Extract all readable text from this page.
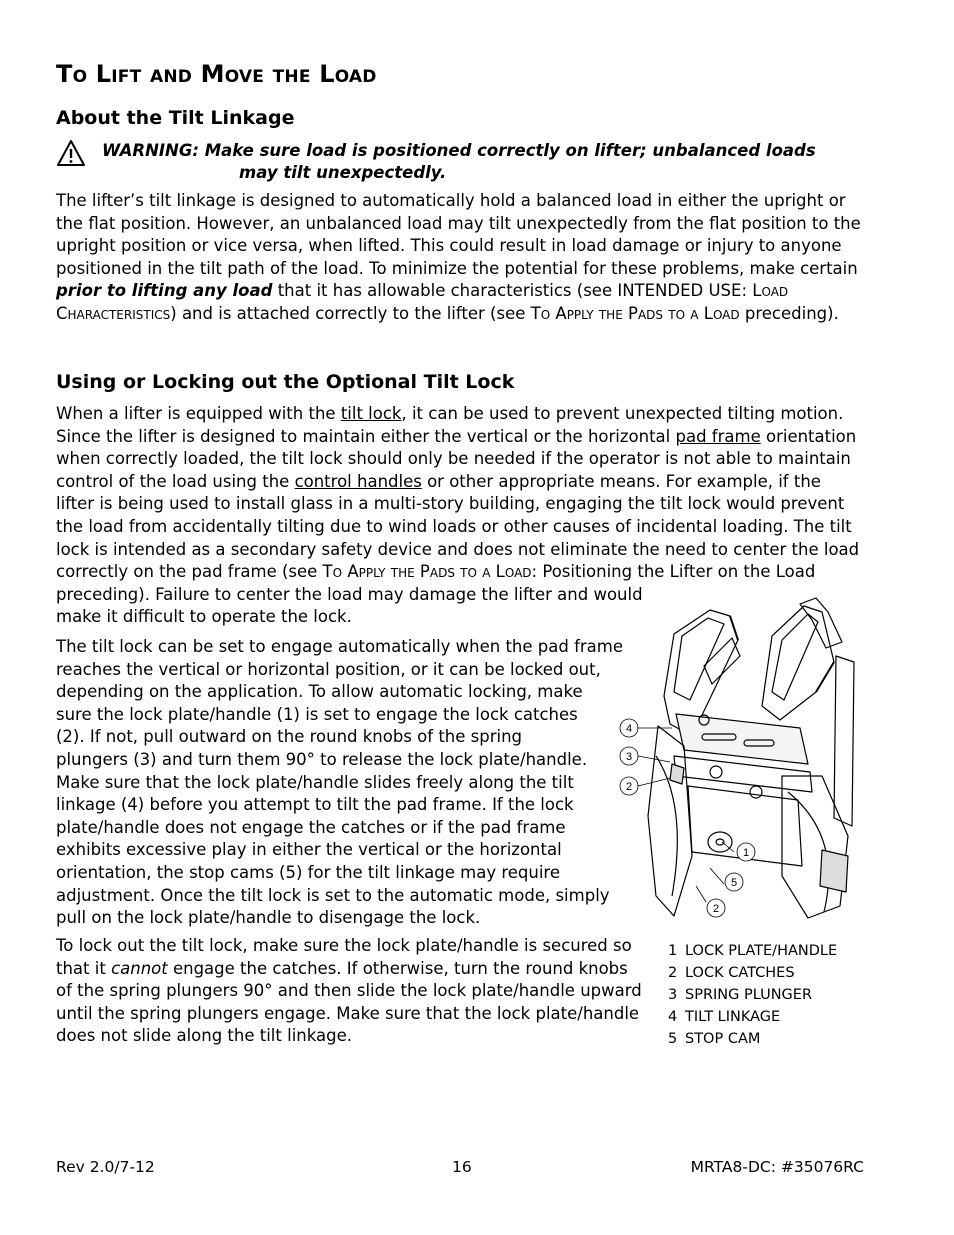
To Lift and Move the Load
About the Tilt Linkage
WARNING: Make sure load is positioned correctly on lifter; unbalanced loads
may tilt unexpectedly.

The lifter’s tilt linkage is designed to automatically hold a balanced load in either the upright or the flat position. However, an unbalanced load may tilt unexpectedly from the flat position to the upright position or vice versa, when lifted. This could result in load damage or injury to anyone positioned in the tilt path of the load. To minimize the potential for these problems, make certain prior to lifting any load that it has allowable characteristics (see INTENDED USE: Load Characteristics) and is attached correctly to the lifter (see To Apply the Pads to a Load preceding).

Using or Locking out the Optional Tilt Lock

When a lifter is equipped with the tilt lock, it can be used to prevent unexpected tilting motion. Since the lifter is designed to maintain either the vertical or the horizontal pad frame orientation when correctly loaded, the tilt lock should only be needed if the operator is not able to maintain control of the load using the control handles or other appropriate means. For example, if the lifter is being used to install glass in a multi-story building, engaging the tilt lock would prevent the load from accidentally tilting due to wind loads or other causes of incidental loading. The tilt lock is intended as a secondary safety device and does not eliminate the need to center the load correctly on the pad frame (see To Apply the Pads to a Load: Positioning the Lifter on the Load
preceding). Failure to center the load may damage the lifter and would
make it difficult to operate the lock.

The tilt lock can be set to engage automatically when the pad frame
reaches the vertical or horizontal position, or it can be locked out,
depending on the application. To allow automatic locking, make
sure the lock plate/handle (1) is set to engage the lock catches
(2). If not, pull outward on the round knobs of the spring
plungers (3) and turn them 90° to release the lock plate/handle.
Make sure that the lock plate/handle slides freely along the tilt
linkage (4) before you attempt to tilt the pad frame. If the lock
plate/handle does not engage the catches or if the pad frame
exhibits excessive play in either the vertical or the horizontal
orientation, the stop cams (5) for the tilt linkage may require
adjustment. Once the tilt lock is set to the automatic mode, simply
pull on the lock plate/handle to disengage the lock.

To lock out the tilt lock, make sure the lock plate/handle is secured so
that it cannot engage the catches. If otherwise, turn the round knobs
of the spring plungers 90° and then slide the lock plate/handle upward
until the spring plungers engage. Make sure that the lock plate/handle
does not slide along the tilt linkage.

4
3
2
1
5
2
1 LOCK PLATE/HANDLE
2 LOCK CATCHES
3 SPRING PLUNGER
4 TILT LINKAGE
5 STOP CAM
Rev 2.0/7-12	16	MRTA8-DC: #35076RC
